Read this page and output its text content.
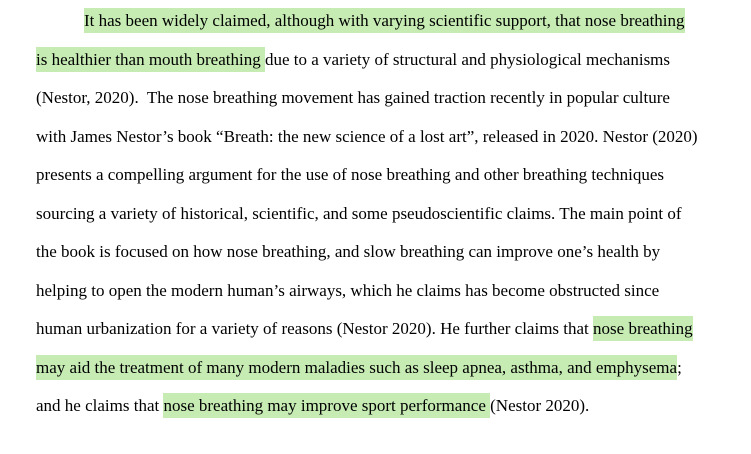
It has been widely claimed, although with varying scientific support, that nose breathing
is healthier than mouth breathing due to a variety of structural and physiological mechanisms
(Nestor, 2020).  The nose breathing movement has gained traction recently in popular culture
with James Nestor’s book “Breath: the new science of a lost art”, released in 2020. Nestor (2020)
presents a compelling argument for the use of nose breathing and other breathing techniques
sourcing a variety of historical, scientific, and some pseudoscientific claims. The main point of
the book is focused on how nose breathing, and slow breathing can improve one’s health by
helping to open the modern human’s airways, which he claims has become obstructed since
human urbanization for a variety of reasons (Nestor 2020). He further claims that nose breathing
may aid the treatment of many modern maladies such as sleep apnea, asthma, and emphysema;
and he claims that nose breathing may improve sport performance (Nestor 2020).
